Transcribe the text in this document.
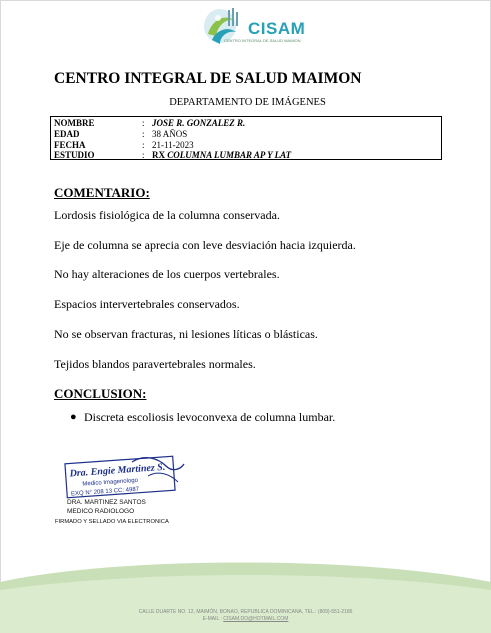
CISAM
CENTRO INTEGRAL DE SALUD MAIMON
CENTRO INTEGRAL DE SALUD MAIMON
DEPARTAMENTO DE IMÁGENES
NOMBRE	: JOSE R. GONZALEZ R.
EDAD	: 38 AÑOS
FECHA	: 21-11-2023
ESTUDIO	: RX COLUMNA LUMBAR AP Y LAT
COMENTARIO:
Lordosis fisiológica de la columna conservada.
Eje de columna se aprecia con leve desviación hacia izquierda.
No hay alteraciones de los cuerpos vertebrales.
Espacios intervertebrales conservados.
No se observan fracturas, ni lesiones líticas o blásticas.
Tejidos blandos paravertebrales normales.
CONCLUSION:
● Discreta escoliosis levoconvexa de columna lumbar.
Dra. Engie Martinez S.
Medico Imagenologo
EXQ N° 208 13 CC: 4987
DRA. MARTINEZ SANTOS
MEDICO RADIOLOGO
FIRMADO Y SELLADO VIA ELECTRONICA
CALLE DUARTE NO. 12, MAIMÓN, BONAO, REPUBLICA DOMINICANA, TEL.: (809)-551-2186
E-MAIL : CISAM.DO@HOTMAIL.COM
